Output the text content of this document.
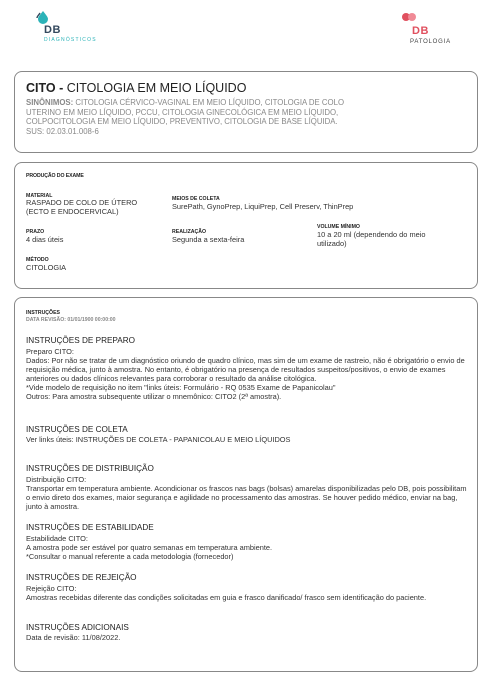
DB
DIAGNÓSTICOS
DB
PATOLOGIA
CITO - CITOLOGIA EM MEIO LÍQUIDO
SINÔNIMOS: CITOLOGIA CÉRVICO-VAGINAL EM MEIO LÍQUIDO, CITOLOGIA DE COLO UTERINO EM MEIO LÍQUIDO, PCCU, CITOLOGIA GINECOLÓGICA EM MEIO LÍQUIDO, COLPOCITOLOGIA EM MEIO LÍQUIDO, PREVENTIVO, CITOLOGIA DE BASE LÍQUIDA. SUS: 02.03.01.008-6
PRODUÇÃO DO EXAME
MATERIAL
RASPADO DE COLO DE ÚTERO (ECTO E ENDOCERVICAL)
MEIOS DE COLETA
SurePath, GynoPrep, LiquiPrep, Cell Preserv, ThinPrep
PRAZO
4 dias úteis
REALIZAÇÃO
Segunda a sexta-feira
VOLUME MÍNIMO
10 a 20 ml (dependendo do meio utilizado)
MÉTODO
CITOLOGIA
INSTRUÇÕES
DATA REVISÃO: 01/01/1900 00:00:00
INSTRUÇÕES DE PREPARO

Preparo CITO:

Dados: Por não se tratar de um diagnóstico oriundo de quadro clínico, mas sim de um exame de rastreio, não é obrigatório o envio de requisição médica, junto à amostra. No entanto, é obrigatório na presença de resultados suspeitos/positivos, o envio de exames anteriores ou dados clínicos relevantes para corroborar o resultado da análise citológica.

*Vide modelo de requisição no item "links úteis: Formulário - RQ 0535 Exame de Papanicolau"

Outros: Para amostra subsequente utilizar o mnemônico: CITO2 (2ª amostra).

INSTRUÇÕES DE COLETA
Ver links úteis: INSTRUÇÕES DE COLETA - PAPANICOLAU E MEIO LÍQUIDOS
INSTRUÇÕES DE DISTRIBUIÇÃO

Distribuição CITO:

Transportar em temperatura ambiente. Acondicionar os frascos nas bags (bolsas) amarelas disponibilizadas pelo DB, pois possibilitam o envio direto dos exames, maior segurança e agilidade no processamento das amostras. Se houver pedido médico, enviar na bag, junto à amostra.

INSTRUÇÕES DE ESTABILIDADE

Estabilidade CITO:

A amostra pode ser estável por quatro semanas em temperatura ambiente.

*Consultar o manual referente a cada metodologia (fornecedor)

INSTRUÇÕES DE REJEIÇÃO

Rejeição CITO:

Amostras recebidas diferente das condições solicitadas em guia e frasco danificado/ frasco sem identificação do paciente.

INSTRUÇÕES ADICIONAIS
Data de revisão: 11/08/2022.
